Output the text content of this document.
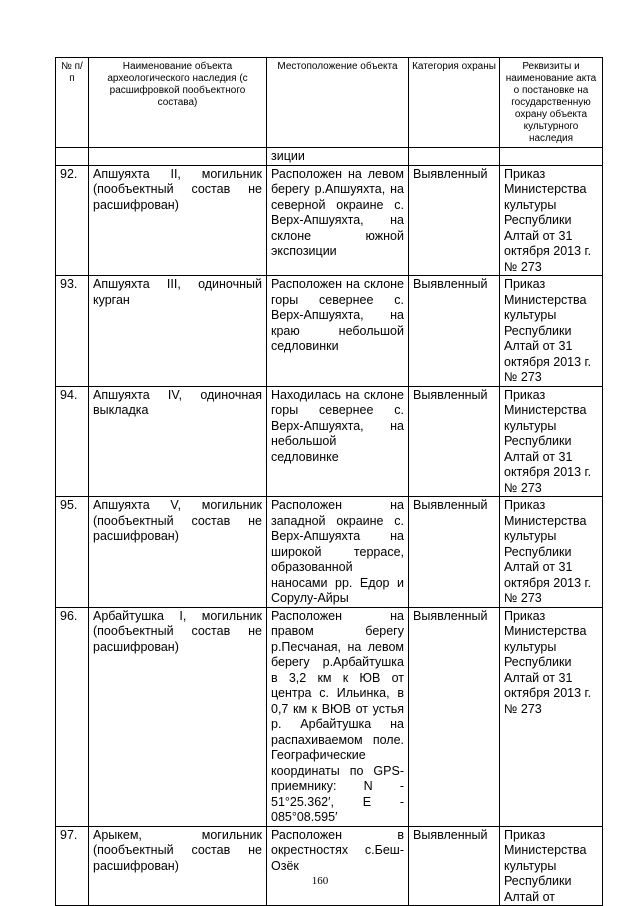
№ п/п	Наименование объекта археологического наследия (с расшифровкой пообъектного состава)	Местоположение объекта	Категория охраны	Реквизиты и наименование акта о постановке на государственную охрану объекта культурного наследия
		зиции		
92.	Апшуяхта II, могильник (пообъектный состав не расшифрован)	Расположен на левом берегу р.Апшуяхта, на северной окраине с. Верх-Апшуяхта, на склоне южной экспозиции	Выявленный	Приказ Министерства культуры Республики Алтай от 31 октября 2013 г. № 273
93.	Апшуяхта III, одиночный курган	Расположен на склоне горы севернее с. Верх-Апшуяхта, на краю небольшой седловинки	Выявленный	Приказ Министерства культуры Республики Алтай от 31 октября 2013 г. № 273
94.	Апшуяхта IV, одиночная выкладка	Находилась на склоне горы севернее с. Верх-Апшуяхта, на небольшой седловинке	Выявленный	Приказ Министерства культуры Республики Алтай от 31 октября 2013 г. № 273
95.	Апшуяхта V, могильник (пообъектный состав не расшифрован)	Расположен на западной окраине с. Верх-Апшуяхта на широкой террасе, образованной наносами рр. Едор и Сорулу-Айры	Выявленный	Приказ Министерства культуры Республики Алтай от 31 октября 2013 г. № 273
96.	Арбайтушка I, могильник (пообъектный состав не расшифрован)	Расположен на правом берегу р.Песчаная, на левом берегу р.Арбайтушка в 3,2 км к ЮВ от центра с. Ильинка, в 0,7 км к ВЮВ от устья р. Арбайтушка на распахиваемом поле. Географические координаты по GPS-приемнику: N - 51°25.362′, E - 085°08.595′	Выявленный	Приказ Министерства культуры Республики Алтай от 31 октября 2013 г. № 273
97.	Арыкем, могильник (пообъектный состав не расшифрован)	Расположен в окрестностях с.Беш-Озёк	Выявленный	Приказ Министерства культуры Республики Алтай от
160
